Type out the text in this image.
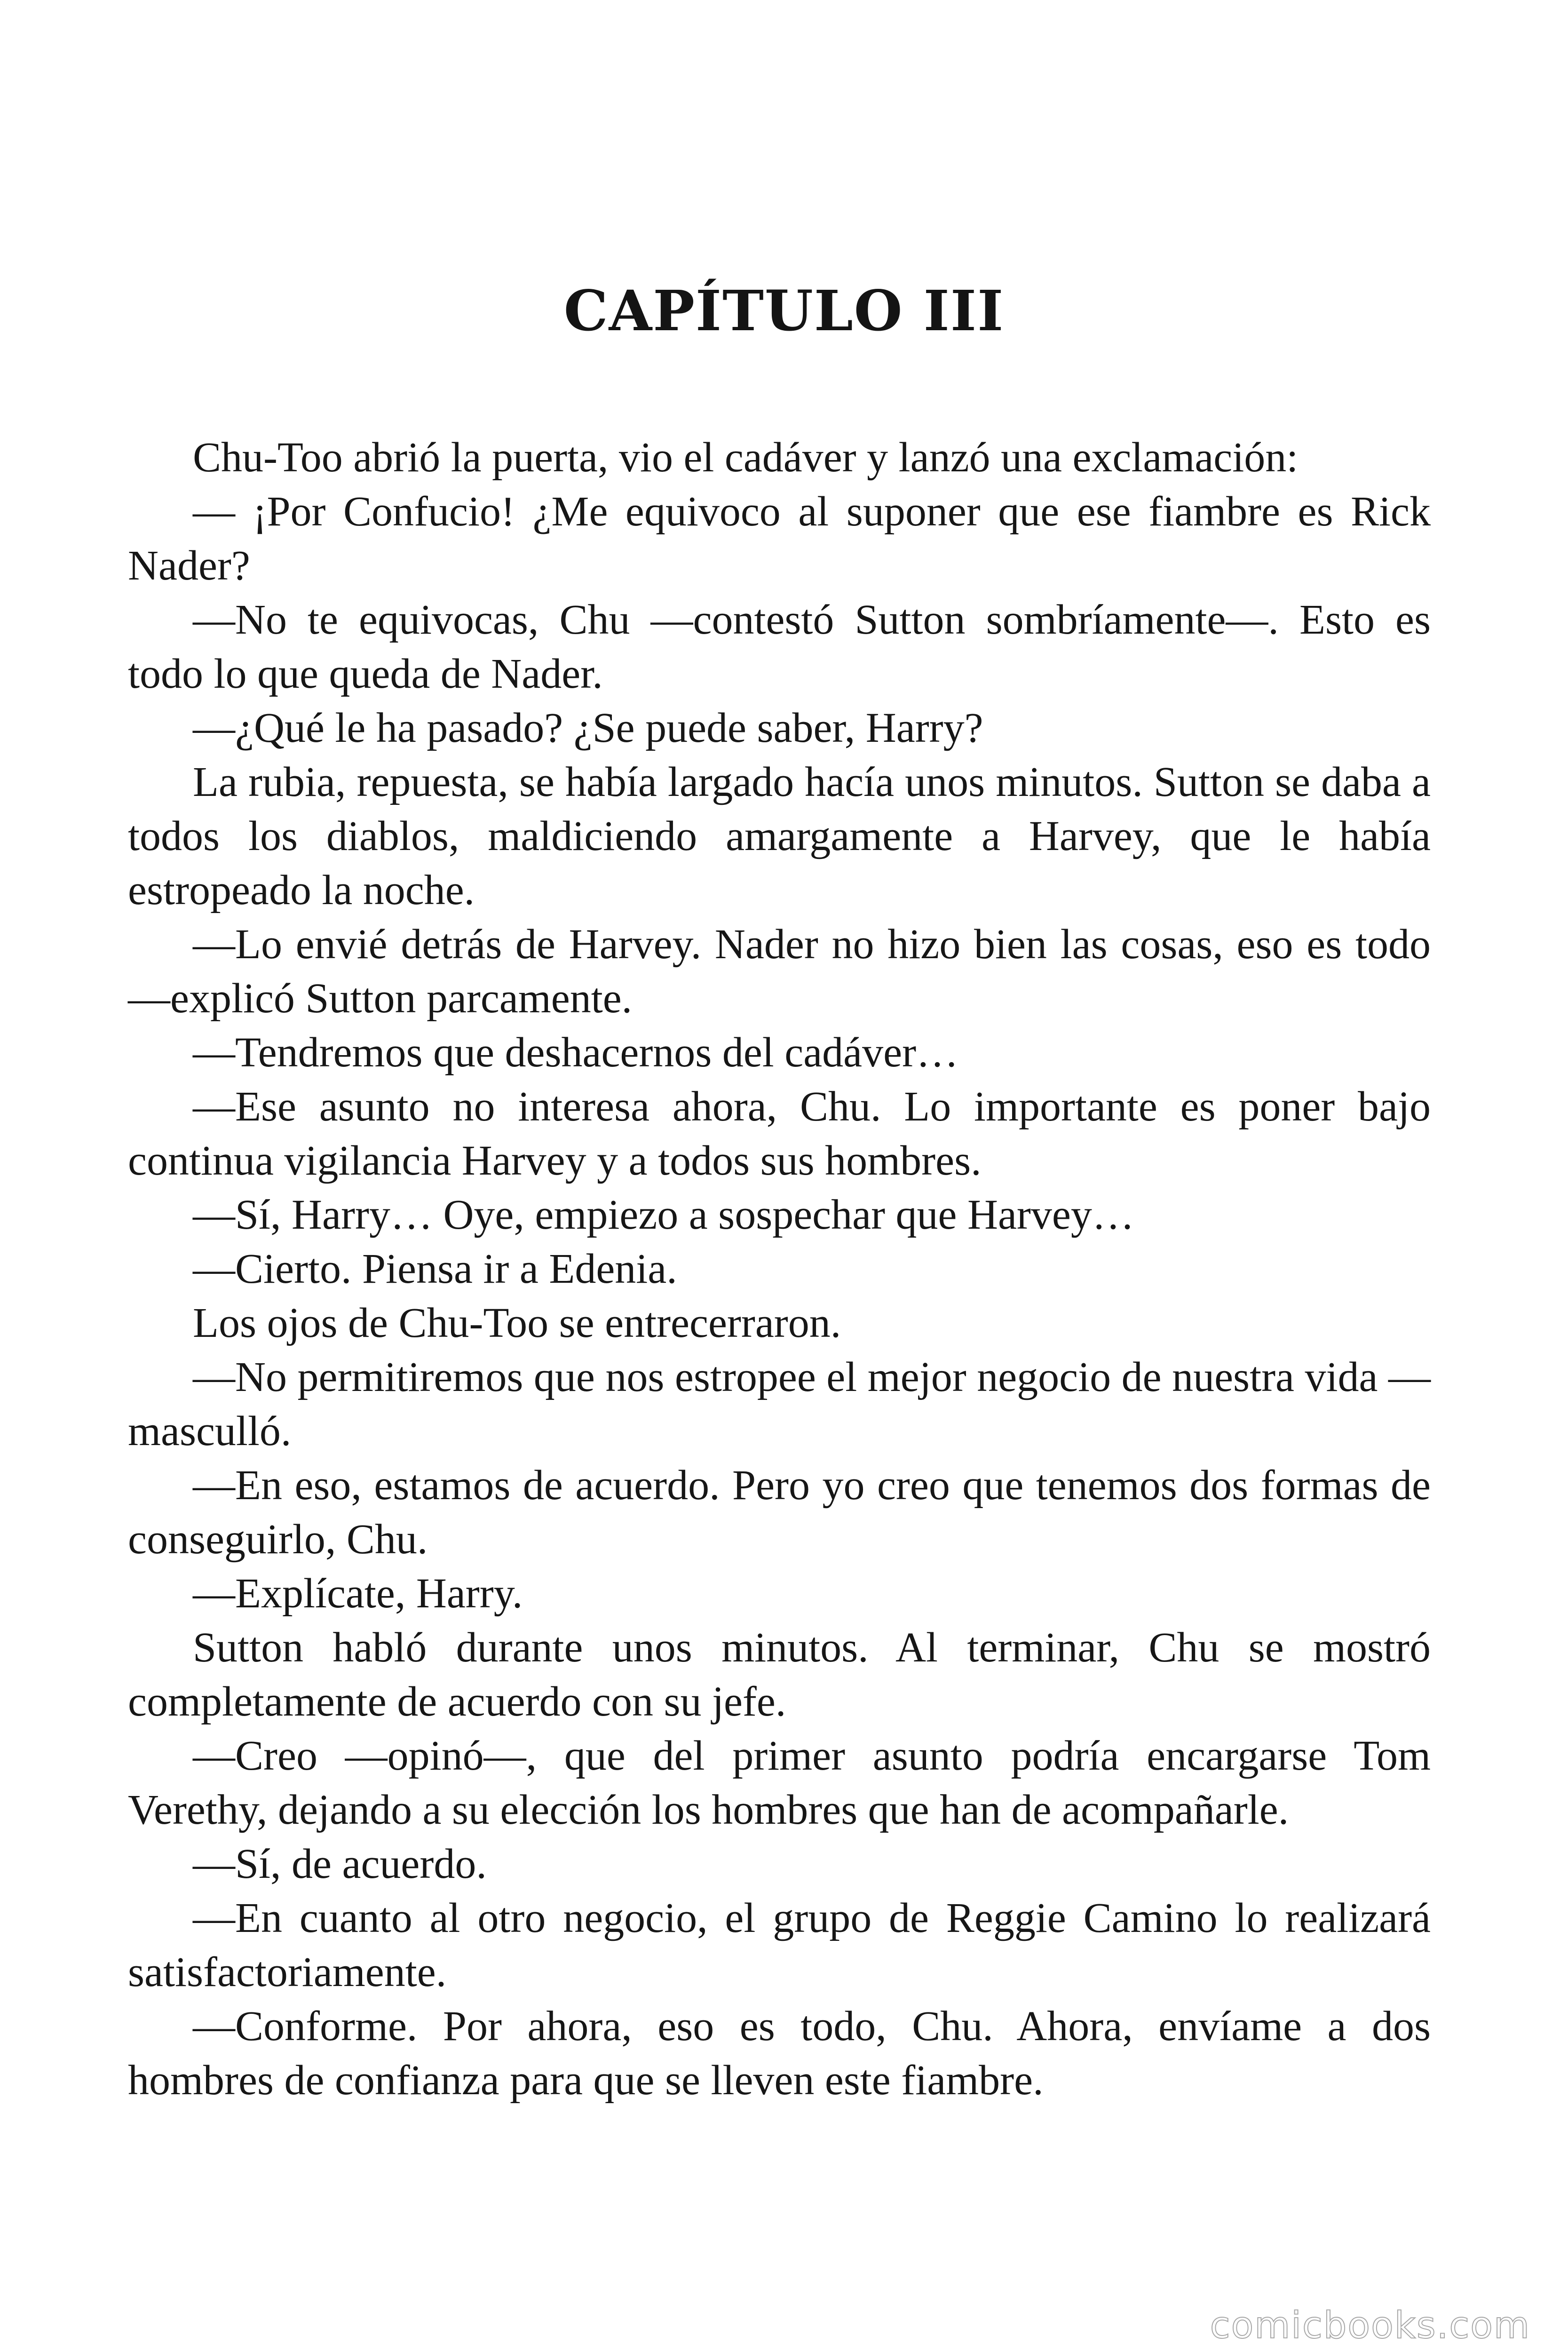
CAPÍTULO III

Chu-Too abrió la puerta, vio el cadáver y lanzó una exclamación:

— ¡Por Confucio! ¿Me equivoco al suponer que ese fiambre es Rick Nader?

—No te equivocas, Chu —contestó Sutton sombríamente—. Esto es todo lo que queda de Nader.

—¿Qué le ha pasado? ¿Se puede saber, Harry?

La rubia, repuesta, se había largado hacía unos minutos. Sutton se daba a todos los diablos, maldiciendo amargamente a Harvey, que le había estropeado la noche.

—Lo envié detrás de Harvey. Nader no hizo bien las cosas, eso es todo —explicó Sutton parcamente.

—Tendremos que deshacernos del cadáver…

—Ese asunto no interesa ahora, Chu. Lo importante es poner bajo continua vigilancia Harvey y a todos sus hombres.

—Sí, Harry… Oye, empiezo a sospechar que Harvey…

—Cierto. Piensa ir a Edenia.

Los ojos de Chu-Too se entrecerraron.

—No permitiremos que nos estropee el mejor negocio de nuestra vida —masculló.

—En eso, estamos de acuerdo. Pero yo creo que tenemos dos formas de conseguirlo, Chu.

—Explícate, Harry.

Sutton habló durante unos minutos. Al terminar, Chu se mostró completamente de acuerdo con su jefe.

—Creo —opinó—, que del primer asunto podría encargarse Tom Verethy, dejando a su elección los hombres que han de acompañarle.

—Sí, de acuerdo.

—En cuanto al otro negocio, el grupo de Reggie Camino lo realizará satisfactoriamente.

—Conforme. Por ahora, eso es todo, Chu. Ahora, envíame a dos hombres de confianza para que se lleven este fiambre.

comicbooks.com
